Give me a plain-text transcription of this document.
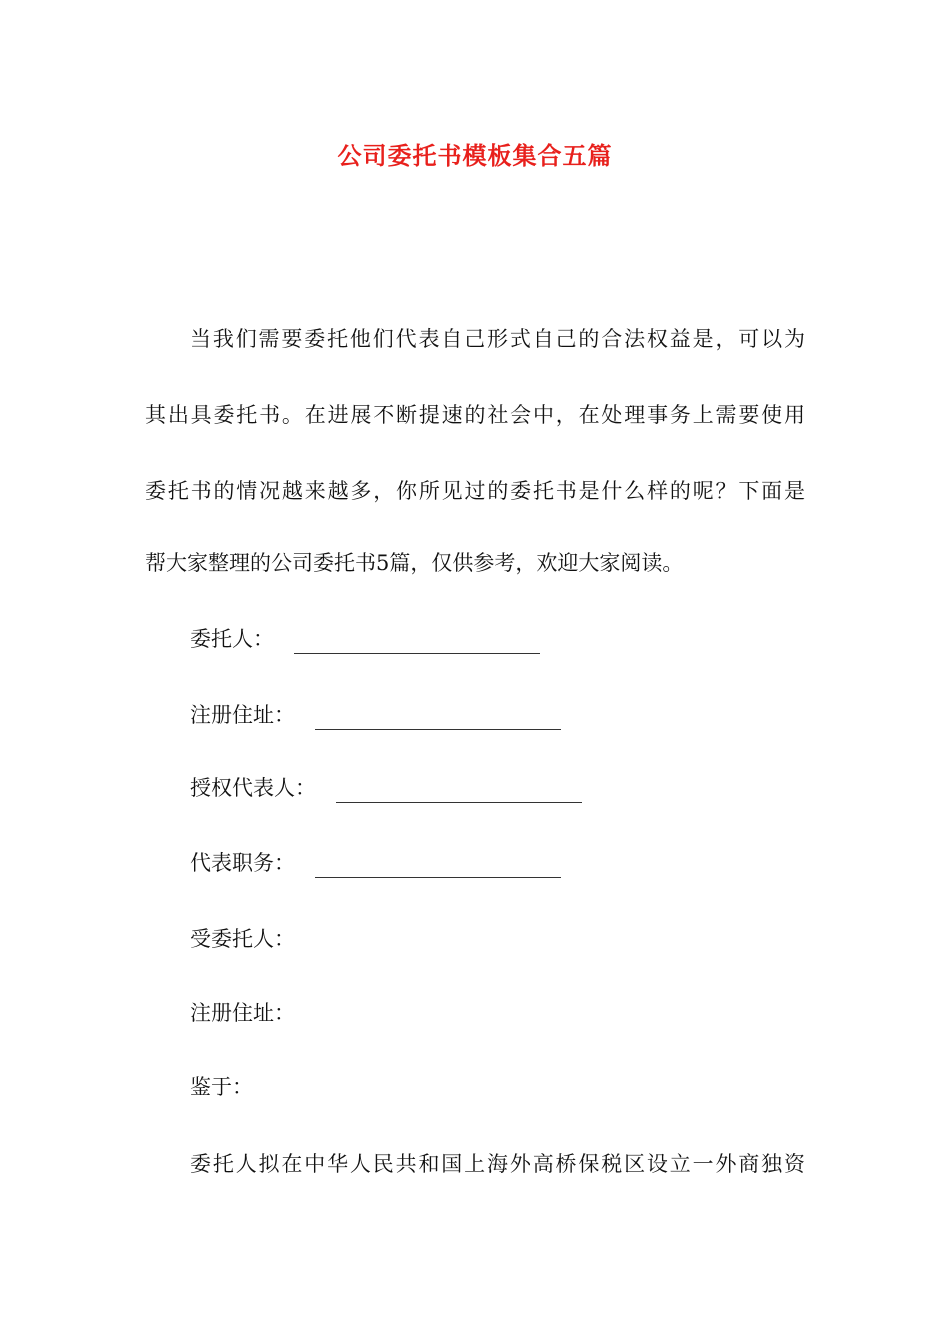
公司委托书模板集合五篇
当我们需要委托他们代表自己形式自己的合法权益是，可以为
其出具委托书。在进展不断提速的社会中，在处理事务上需要使用
委托书的情况越来越多，你所见过的委托书是什么样的呢？下面是
帮大家整理的公司委托书5篇，仅供参考，欢迎大家阅读。
委托人：
注册住址：
授权代表人：
代表职务：
受委托人：
注册住址：
鉴于：
委托人拟在中华人民共和国上海外高桥保税区设立一外商独资
